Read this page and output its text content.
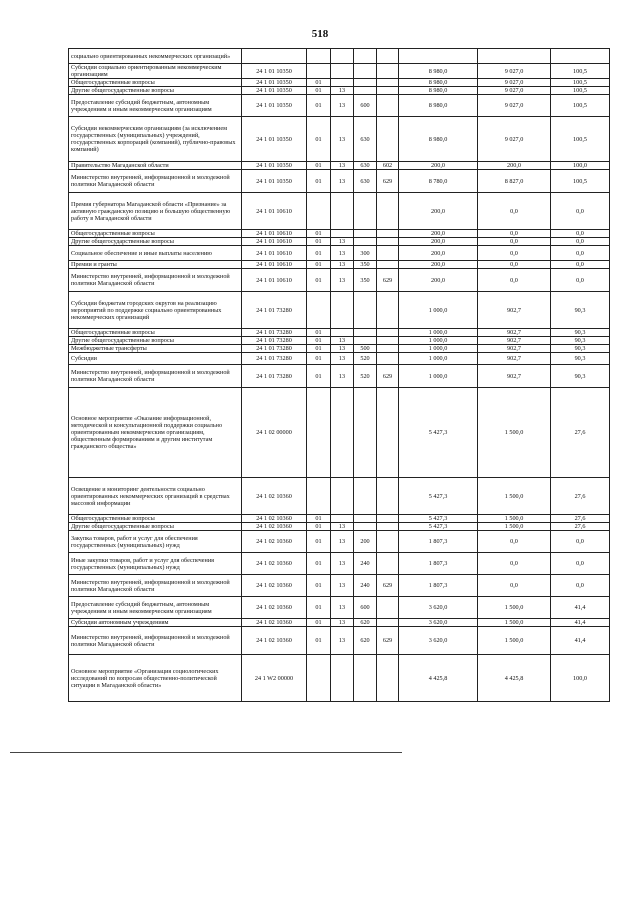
518
социально ориентированных некоммерческих организаций»								
Субсидии социально ориентированным некоммерческим организациям	24 1 01 10350					8 980,0	9 027,0	100,5
Общегосударственные вопросы	24 1 01 10350	01				8 980,0	9 027,0	100,5
Другие общегосударственные вопросы	24 1 01 10350	01	13			8 980,0	9 027,0	100,5
Предоставление субсидий бюджетным, автономным учреждениям и иным некоммерческим организациям	24 1 01 10350	01	13	600		8 980,0	9 027,0	100,5
Субсидии некоммерческим организациям (за исключением государственных (муниципальных) учреждений, государственных корпораций (компаний), публично-правовых компаний)	24 1 01 10350	01	13	630		8 980,0	9 027,0	100,5
Правительство Магаданской области	24 1 01 10350	01	13	630	602	200,0	200,0	100,0
Министерство внутренней, информационной и молодежной политики Магаданской области	24 1 01 10350	01	13	630	629	8 780,0	8 827,0	100,5
Премия губернатора Магаданской области «Признание» за активную гражданскую позицию и большую общественную работу в Магаданской области	24 1 01 10610					200,0	0,0	0,0
Общегосударственные вопросы	24 1 01 10610	01				200,0	0,0	0,0
Другие общегосударственные вопросы	24 1 01 10610	01	13			200,0	0,0	0,0
Социальное обеспечение и иные выплаты населению	24 1 01 10610	01	13	300		200,0	0,0	0,0
Премии и гранты	24 1 01 10610	01	13	350		200,0	0,0	0,0
Министерство внутренней, информационной и молодежной политики Магаданской области	24 1 01 10610	01	13	350	629	200,0	0,0	0,0
Субсидии бюджетам городских округов на реализацию мероприятий по поддержке социально ориентированных некоммерческих организаций	24 1 01 73280					1 000,0	902,7	90,3
Общегосударственные вопросы	24 1 01 73280	01				1 000,0	902,7	90,3
Другие общегосударственные вопросы	24 1 01 73280	01	13			1 000,0	902,7	90,3
Межбюджетные трансферты	24 1 01 73280	01	13	500		1 000,0	902,7	90,3
Субсидии	24 1 01 73280	01	13	520		1 000,0	902,7	90,3
Министерство внутренней, информационной и молодежной политики Магаданской области	24 1 01 73280	01	13	520	629	1 000,0	902,7	90,3
Основное мероприятие «Оказание информационной, методической и консультационной поддержки социально ориентированным некоммерческим организациям, общественным формированиям и другим институтам гражданского общества»	24 1 02 00000					5 427,3	1 500,0	27,6
Освещение и мониторинг деятельности социально ориентированных некоммерческих организаций в средствах массовой информации	24 1 02 10360					5 427,3	1 500,0	27,6
Общегосударственные вопросы	24 1 02 10360	01				5 427,3	1 500,0	27,6
Другие общегосударственные вопросы	24 1 02 10360	01	13			5 427,3	1 500,0	27,6
Закупка товаров, работ и услуг для обеспечения государственных (муниципальных) нужд	24 1 02 10360	01	13	200		1 807,3	0,0	0,0
Иные закупки товаров, работ и услуг для обеспечения государственных (муниципальных) нужд	24 1 02 10360	01	13	240		1 807,3	0,0	0,0
Министерство внутренней, информационной и молодежной политики Магаданской области	24 1 02 10360	01	13	240	629	1 807,3	0,0	0,0
Предоставление субсидий бюджетным, автономным учреждениям и иным некоммерческим организациям	24 1 02 10360	01	13	600		3 620,0	1 500,0	41,4
Субсидии автономным учреждениям	24 1 02 10360	01	13	620		3 620,0	1 500,0	41,4
Министерство внутренней, информационной и молодежной политики Магаданской области	24 1 02 10360	01	13	620	629	3 620,0	1 500,0	41,4
Основное мероприятие «Организация социологических исследований по вопросам общественно-политической ситуации в Магаданской области»	24 1 W2 00000					4 425,8	4 425,8	100,0
